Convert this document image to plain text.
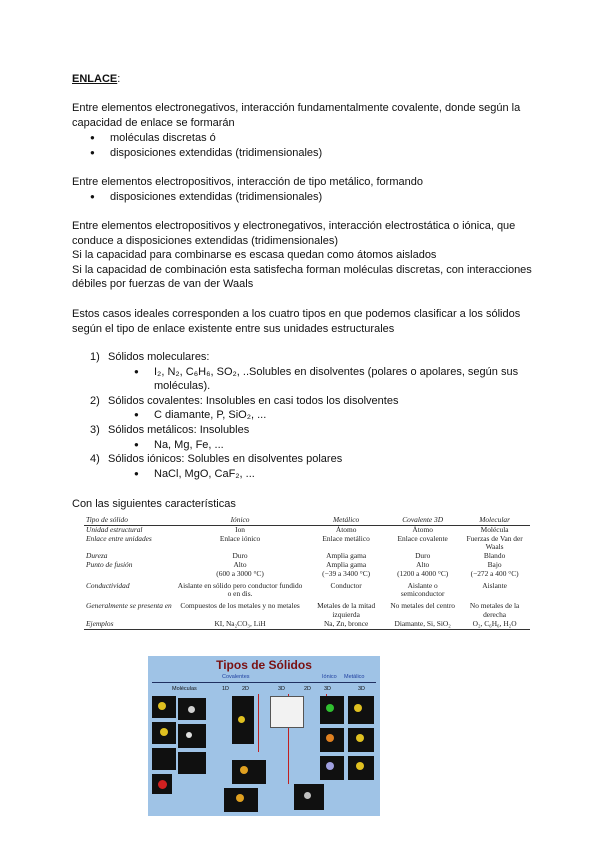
ENLACE:
Entre elementos electronegativos, interacción fundamentalmente covalente, donde según la capacidad de enlace se formarán
● moléculas discretas ó
● disposiciones extendidas (tridimensionales)
Entre elementos electropositivos, interacción de tipo metálico, formando
● disposiciones extendidas (tridimensionales)
Entre elementos electropositivos y electronegativos, interacción electrostática o iónica, que conduce a disposiciones extendidas (tridimensionales)
Si la capacidad para combinarse es escasa quedan como átomos aislados
Si la capacidad de combinación esta satisfecha forman moléculas discretas, con interacciones débiles por fuerzas de van der Waals
Estos casos ideales corresponden a los cuatro tipos en que podemos clasificar a los sólidos según el tipo de enlace existente entre sus unidades estructurales
1) Sólidos moleculares:
● I₂, N₂, C₆H₆, SO₂, ..Solubles en disolventes (polares o apolares, según sus moléculas).
2) Sólidos covalentes: Insolubles en casi todos los disolventes
● C diamante, P, SiO₂, ...
3) Sólidos metálicos: Insolubles
● Na, Mg, Fe, ...
4) Sólidos iónicos: Solubles en disolventes polares
● NaCl, MgO, CaF₂, ...
Con las siguientes características
Tipo de sólido	Iónico	Metálico	Covalente 3D	Molecular
Unidad estructural	Ion	Átomo	Átomo	Molécula
Enlace entre unidades	Enlace iónico	Enlace metálico	Enlace covalente	Fuerzas de Van der Waals
Dureza	Duro	Amplia gama	Duro	Blando
Punto de fusión	Alto	Amplia gama	Alto	Bajo
	(600 a 3000 °C)	(−39 a 3400 °C)	(1200 a 4000 °C)	(−272 a 400 °C)
Conductividad	Aislante en sólido pero conductor fundido o en dis.	Conductor	Aislante o semiconductor	Aislante
Generalmente se presenta en	Compuestos de los metales y no metales	Metales de la mitad izquierda	No metales del centro	No metales de la derecha
Ejemplos	KI, Na₂CO₃, LiH	Na, Zn, bronce	Diamante, Si, SiO₂	O₂, C₆H₆, H₂O
Tipos de Sólidos
Covalentes	Iónico Metálico
Moléculas	1D 2D	3D	2D 3D	3D
